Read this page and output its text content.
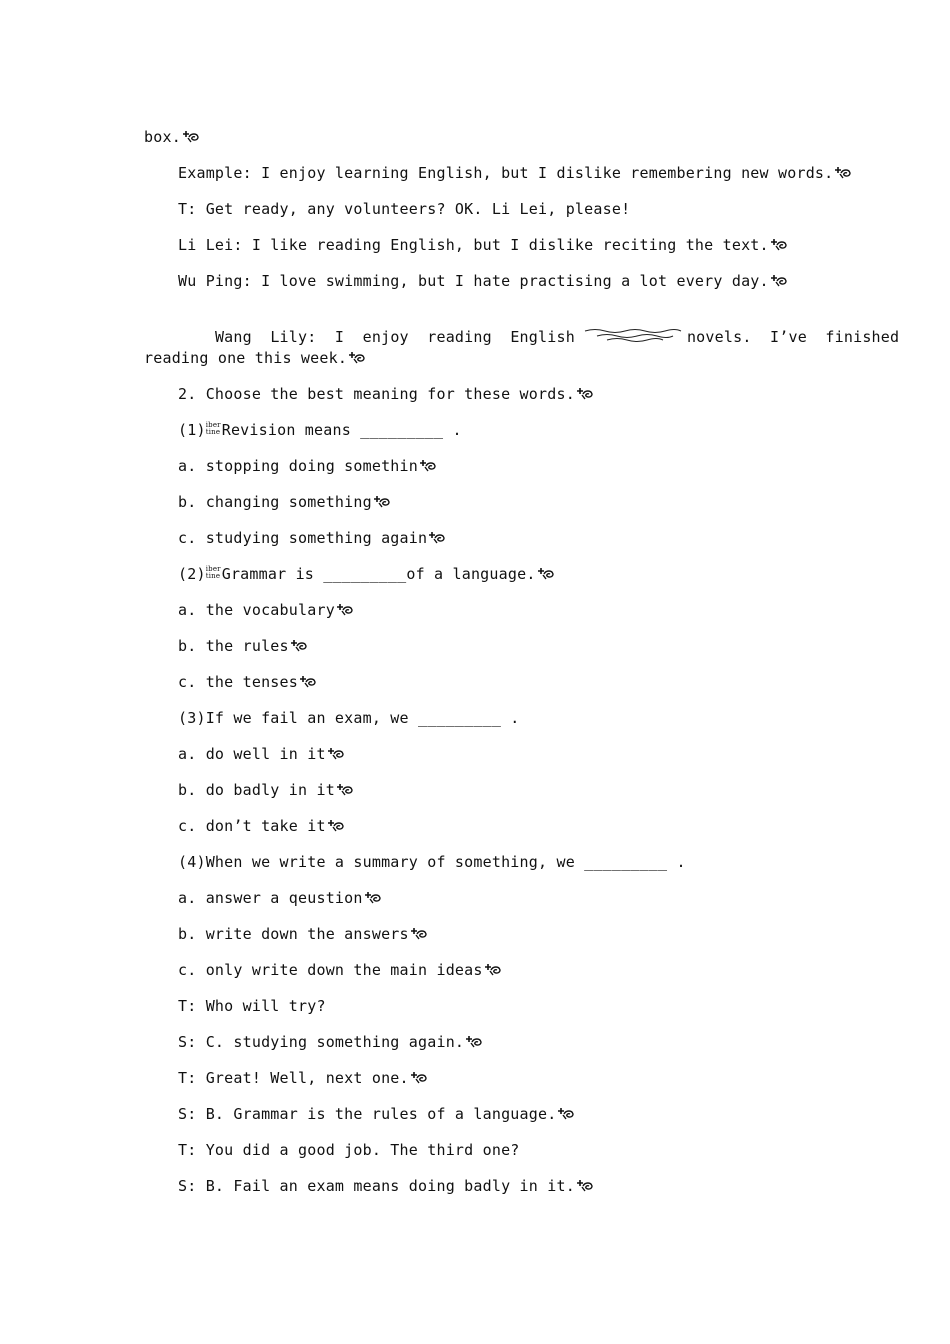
box.
Example: I enjoy learning English, but I dislike remembering new words.
T: Get ready, any volunteers? OK. Li Lei, please!
Li Lei: I like reading English, but I dislike reciting the text.
Wu Ping: I love swimming, but I hate practising a lot every day.

Wang  Lily:  I  enjoy  reading  English	novels.  I’ve  finished

reading one this week.
2. Choose the best meaning for these words.
(1) iber
tine Revision means _________ .
a. stopping doing somethin
b. changing something
c. studying something again
(2) iber
tine Grammar is _________of a language.
a. the vocabulary
b. the rules
c. the tenses
(3)If we fail an exam, we _________ .
a. do well in it
b. do badly in it
c. don’t take it
(4)When we write a summary of something, we _________ .
a. answer a qeustion
b. write down the answers
c. only write down the main ideas
T: Who will try?
S: C. studying something again.
T: Great! Well, next one.
S: B. Grammar is the rules of a language.
T: You did a good job. The third one?
S: B. Fail an exam means doing badly in it.
